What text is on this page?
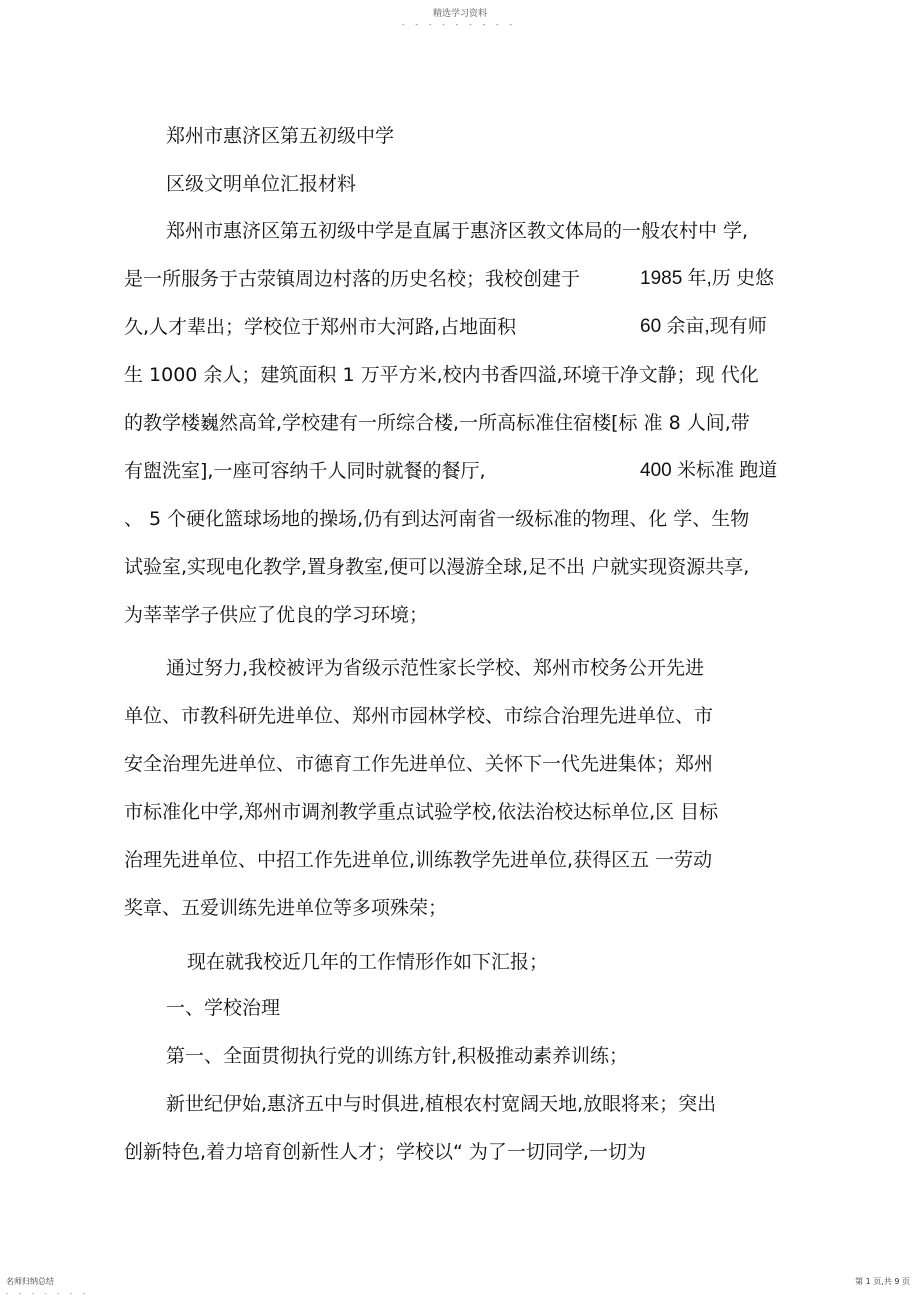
精选学习资料
- - - - - - - - -
郑州市惠济区第五初级中学
区级文明单位汇报材料
郑州市惠济区第五初级中学是直属于惠济区教文体局的一般农村中 学,
是一所服务于古荥镇周边村落的历史名校；我校创建于	1985 年,历 史悠
久,人才辈出；学校位于郑州市大河路,占地面积	60 余亩,现有师
生 1000 余人；建筑面积 1 万平方米,校内书香四溢,环境干净文静；现 代化
的教学楼巍然高耸,学校建有一所综合楼,一所高标准住宿楼[标 准 8 人间,带
有盥洗室],一座可容纳千人同时就餐的餐厅,	400 米标准 跑道
、 5 个硬化篮球场地的操场,仍有到达河南省一级标准的物理、化 学、生物
试验室,实现电化教学,置身教室,便可以漫游全球,足不出 户就实现资源共享,
为莘莘学子供应了优良的学习环境；
通过努力,我校被评为省级示范性家长学校、郑州市校务公开先进
单位、市教科研先进单位、郑州市园林学校、市综合治理先进单位、市
安全治理先进单位、市德育工作先进单位、关怀下一代先进集体；郑州
市标准化中学,郑州市调剂教学重点试验学校,依法治校达标单位,区 目标
治理先进单位、中招工作先进单位,训练教学先进单位,获得区五 一劳动
奖章、五爱训练先进单位等多项殊荣；
现在就我校近几年的工作情形作如下汇报；
一、学校治理
第一、全面贯彻执行党的训练方针,积极推动素养训练；
新世纪伊始,惠济五中与时俱进,植根农村宽阔天地,放眼将来；突出
创新特色,着力培育创新性人才；学校以“ 为了一切同学,一切为
名师归纳总结
- - - - - - -
第 1 页,共 9 页
